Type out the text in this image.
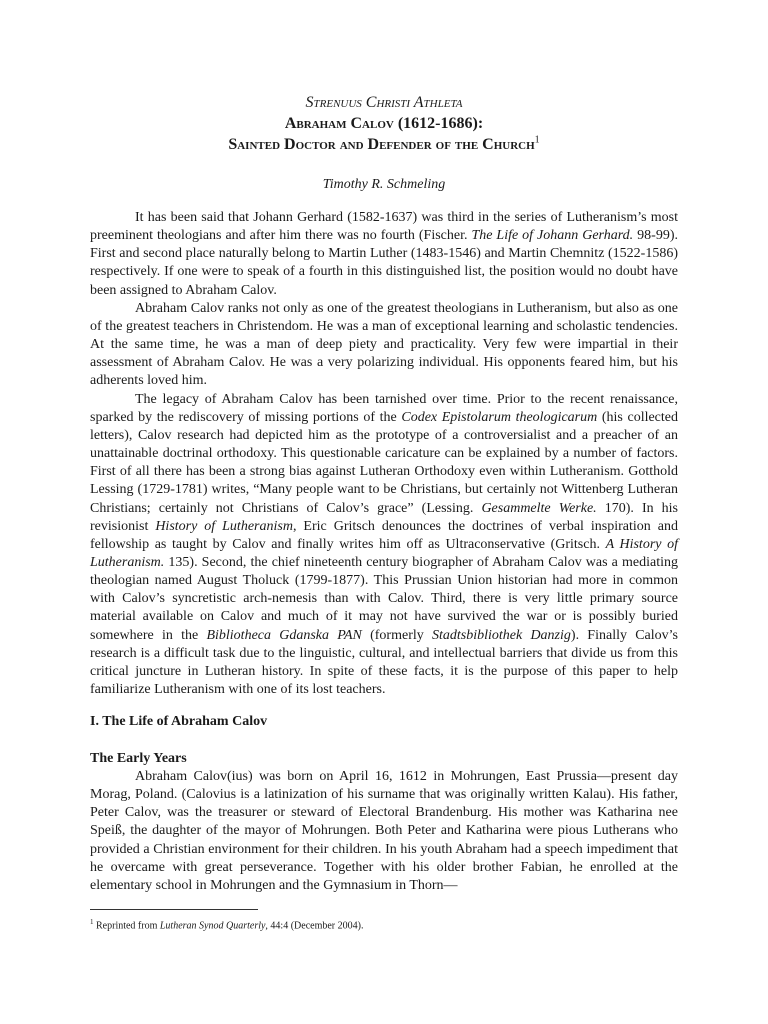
Strenuus Christi Athleta
Abraham Calov (1612-1686):
Sainted Doctor and Defender of the Church$^1$
Timothy R. Schmeling

It has been said that Johann Gerhard (1582-1637) was third in the series of Lutheranism’s most preeminent theologians and after him there was no fourth (Fischer. The Life of Johann Gerhard. 98-99). First and second place naturally belong to Martin Luther (1483-1546) and Martin Chemnitz (1522-1586) respectively. If one were to speak of a fourth in this distinguished list, the position would no doubt have been assigned to Abraham Calov.

Abraham Calov ranks not only as one of the greatest theologians in Lutheranism, but also as one of the greatest teachers in Christendom. He was a man of exceptional learning and scholastic tendencies. At the same time, he was a man of deep piety and practicality. Very few were impartial in their assessment of Abraham Calov. He was a very polarizing individual. His opponents feared him, but his adherents loved him.

The legacy of Abraham Calov has been tarnished over time. Prior to the recent renaissance, sparked by the rediscovery of missing portions of the Codex Epistolarum theologicarum (his collected letters), Calov research had depicted him as the prototype of a controversialist and a preacher of an unattainable doctrinal orthodoxy. This questionable caricature can be explained by a number of factors. First of all there has been a strong bias against Lutheran Orthodoxy even within Lutheranism. Gotthold Lessing (1729-1781) writes, “Many people want to be Christians, but certainly not Wittenberg Lutheran Christians; certainly not Christians of Calov’s grace” (Lessing. Gesammelte Werke. 170). In his revisionist History of Lutheranism, Eric Gritsch denounces the doctrines of verbal inspiration and fellowship as taught by Calov and finally writes him off as Ultraconservative (Gritsch. A History of Lutheranism. 135). Second, the chief nineteenth century biographer of Abraham Calov was a mediating theologian named August Tholuck (1799-1877). This Prussian Union historian had more in common with Calov’s syncretistic arch-nemesis than with Calov. Third, there is very little primary source material available on Calov and much of it may not have survived the war or is possibly buried somewhere in the Bibliotheca Gdanska PAN (formerly Stadtsbibliothek Danzig). Finally Calov’s research is a difficult task due to the linguistic, cultural, and intellectual barriers that divide us from this critical juncture in Lutheran history. In spite of these facts, it is the purpose of this paper to help familiarize Lutheranism with one of its lost teachers.

I. The Life of Abraham Calov
The Early Years

Abraham Calov(ius) was born on April 16, 1612 in Mohrungen, East Prussia—present day Morag, Poland. (Calovius is a latinization of his surname that was originally written Kalau). His father, Peter Calov, was the treasurer or steward of Electoral Brandenburg. His mother was Katharina nee Speiß, the daughter of the mayor of Mohrungen. Both Peter and Katharina were pious Lutherans who provided a Christian environment for their children. In his youth Abraham had a speech impediment that he overcame with great perseverance. Together with his older brother Fabian, he enrolled at the elementary school in Mohrungen and the Gymnasium in Thorn—

$^1$ Reprinted from Lutheran Synod Quarterly, 44:4 (December 2004).
